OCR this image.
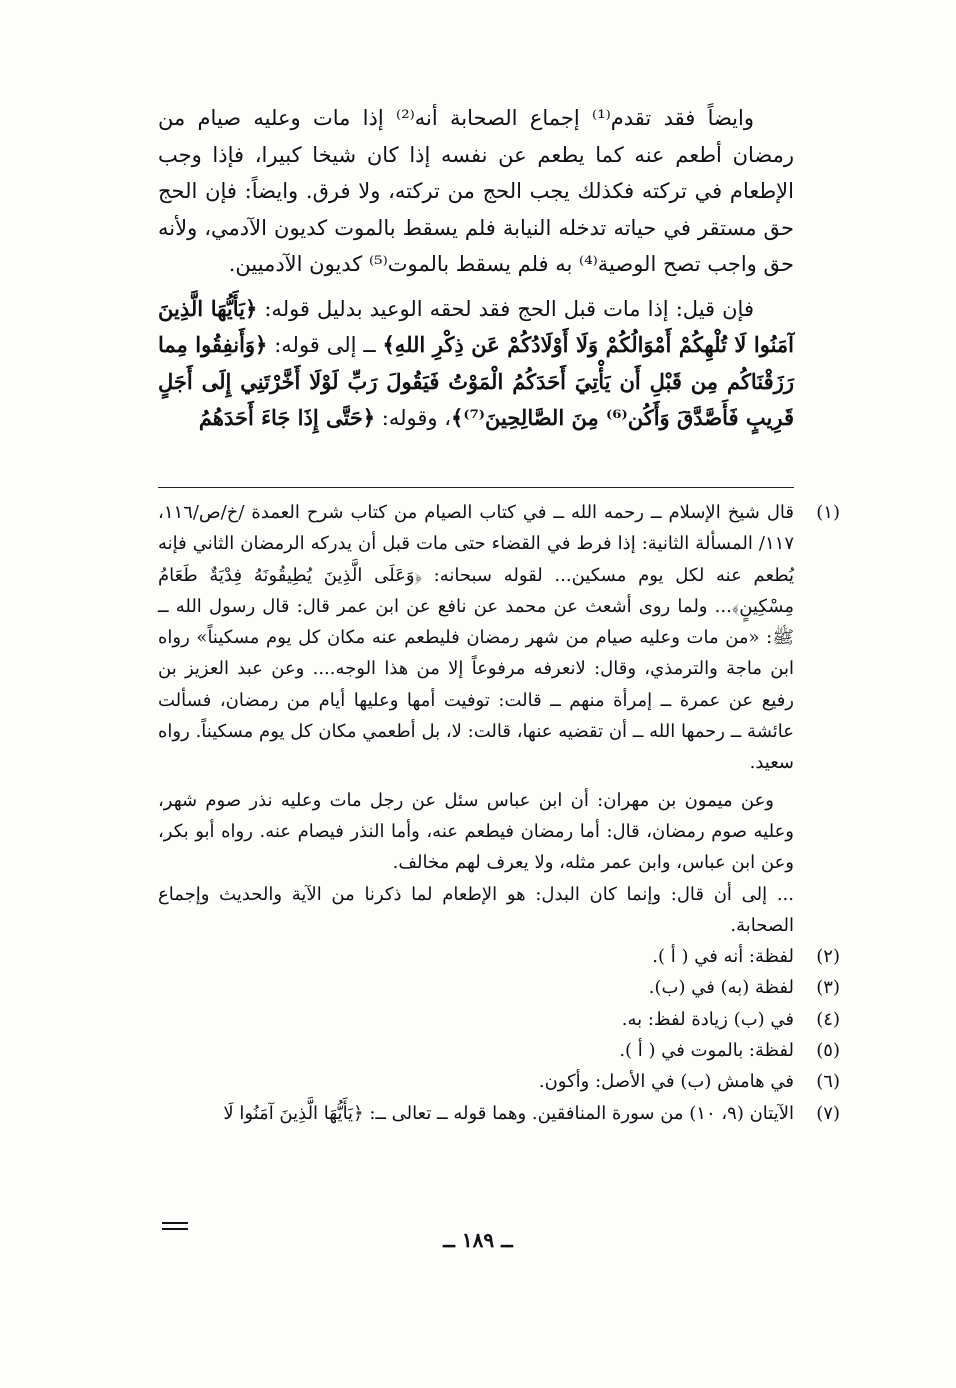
وايضاً فقد تقدم⁽¹⁾ إجماع الصحابة أنه⁽²⁾ إذا مات وعليه صيام من رمضان أطعم عنه كما يطعم عن نفسه إذا كان شيخا كبيرا، فإذا وجب الإطعام في تركته فكذلك يجب الحج من تركته، ولا فرق. وايضاً: فإن الحج حق مستقر في حياته تدخله النيابة فلم يسقط بالموت كديون الآدمي، ولأنه حق واجب تصح الوصية⁽⁴⁾ به فلم يسقط بالموت⁽⁵⁾ كديون الآدميين.

فإن قيل: إذا مات قبل الحج فقد لحقه الوعيد بدليل قوله: ﴿يَأَيُّهَا الَّذِينَ آمَنُوا لَا تُلْهِكُمْ أَمْوَالُكُمْ وَلَا أَوْلَادُكُمْ عَن ذِكْرِ اللهِ﴾ ــ إلى قوله: ﴿وَأَنفِقُوا مِما رَزَقْنَاكُم مِن قَبْلِ أَن يَأْتِيَ أَحَدَكُمُ الْمَوْتُ فَيَقُولَ رَبِّ لَوْلَا أَخَّرْتَنِي إِلَى أَجَلٍ قَرِيبٍ فَأَصَّدَّقَ وَأَكُن⁽⁶⁾ مِنَ الصَّالِحِينَ⁽⁷⁾﴾، وقوله: ﴿حَتَّى إِذَا جَاءَ أَحَدَهُمُ

(١)

قال شيخ الإسلام ــ رحمه الله ــ في كتاب الصيام من كتاب شرح العمدة /خ/ص/١١٦، ١١٧/ المسألة الثانية: إذا فرط في القضاء حتى مات قبل أن يدركه الرمضان الثاني فإنه يُطعم عنه لكل يوم مسكين... لقوله سبحانه: ﴿وَعَلَى الَّذِينَ يُطِيقُونَهُ فِدْيَةٌ طَعَامُ مِسْكِينٍ﴾... ولما روى أشعث عن محمد عن نافع عن ابن عمر قال: قال رسول الله ــ ﷺ: «من مات وعليه صيام من شهر رمضان فليطعم عنه مكان كل يوم مسكيناً» رواه ابن ماجة والترمذي، وقال: لانعرفه مرفوعاً إلا من هذا الوجه.... وعن عبد العزيز بن رفيع عن عمرة ــ إمرأة منهم ــ قالت: توفيت أمها وعليها أيام من رمضان، فسألت عائشة ــ رحمها الله ــ أن تقضيه عنها، قالت: لا، بل أطعمي مكان كل يوم مسكيناً. رواه سعيد.

وعن ميمون بن مهران: أن ابن عباس سئل عن رجل مات وعليه نذر صوم شهر، وعليه صوم رمضان، قال: أما رمضان فيطعم عنه، وأما النذر فيصام عنه. رواه أبو بكر، وعن ابن عباس، وابن عمر مثله، ولا يعرف لهم مخالف.

... إلى أن قال: وإنما كان البدل: هو الإطعام لما ذكرنا من الآية والحديث وإجماع الصحابة.

(٢)

لفظة: أنه في ( أ ).

(٣)

لفظة (به) في (ب).

(٤)

في (ب) زيادة لفظ: به.

(٥)

لفظة: بالموت في ( أ ).

(٦)

في هامش (ب) في الأصل: وأكون.

(٧)

الآيتان (٩، ١٠) من سورة المنافقين. وهما قوله ــ تعالى ــ: ﴿يَأَيُّهَا الَّذِينَ آمَنُوا لَا

ــ ١٨٩ ــ
